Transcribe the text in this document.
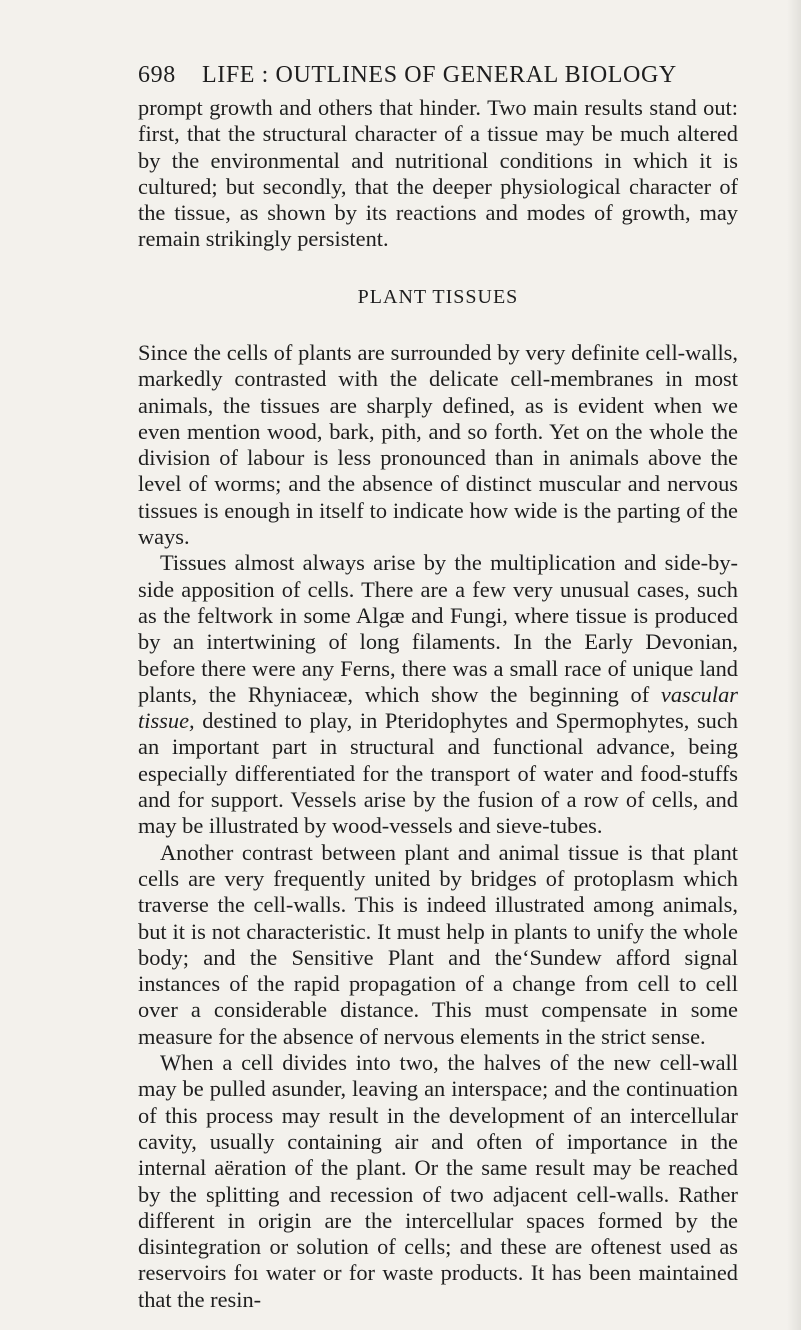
698 LIFE : OUTLINES OF GENERAL BIOLOGY

prompt growth and others that hinder. Two main results stand out: first, that the structural character of a tissue may be much altered by the environmental and nutritional conditions in which it is cultured; but secondly, that the deeper physiological character of the tissue, as shown by its reactions and modes of growth, may remain strikingly persistent.

PLANT TISSUES

Since the cells of plants are surrounded by very definite cell-walls, markedly contrasted with the delicate cell-membranes in most animals, the tissues are sharply defined, as is evident when we even mention wood, bark, pith, and so forth. Yet on the whole the division of labour is less pronounced than in animals above the level of worms; and the absence of distinct muscular and nervous tissues is enough in itself to indicate how wide is the parting of the ways.

Tissues almost always arise by the multiplication and side-by-side apposition of cells. There are a few very unusual cases, such as the feltwork in some Algæ and Fungi, where tissue is produced by an intertwining of long filaments. In the Early Devonian, before there were any Ferns, there was a small race of unique land plants, the Rhyniaceæ, which show the beginning of vascular tissue, destined to play, in Pteridophytes and Spermophytes, such an important part in structural and functional advance, being especially differentiated for the transport of water and food-stuffs and for support. Vessels arise by the fusion of a row of cells, and may be illustrated by wood-vessels and sieve-tubes.

Another contrast between plant and animal tissue is that plant cells are very frequently united by bridges of protoplasm which traverse the cell-walls. This is indeed illustrated among animals, but it is not characteristic. It must help in plants to unify the whole body; and the Sensitive Plant and the‘Sundew afford signal instances of the rapid propagation of a change from cell to cell over a considerable distance. This must compensate in some measure for the absence of nervous elements in the strict sense.

When a cell divides into two, the halves of the new cell-wall may be pulled asunder, leaving an interspace; and the continuation of this process may result in the development of an intercellular cavity, usually containing air and often of importance in the internal aëration of the plant. Or the same result may be reached by the splitting and recession of two adjacent cell-walls. Rather different in origin are the intercellular spaces formed by the disintegration or solution of cells; and these are oftenest used as reservoirs foı water or for waste products. It has been maintained that the resin-
